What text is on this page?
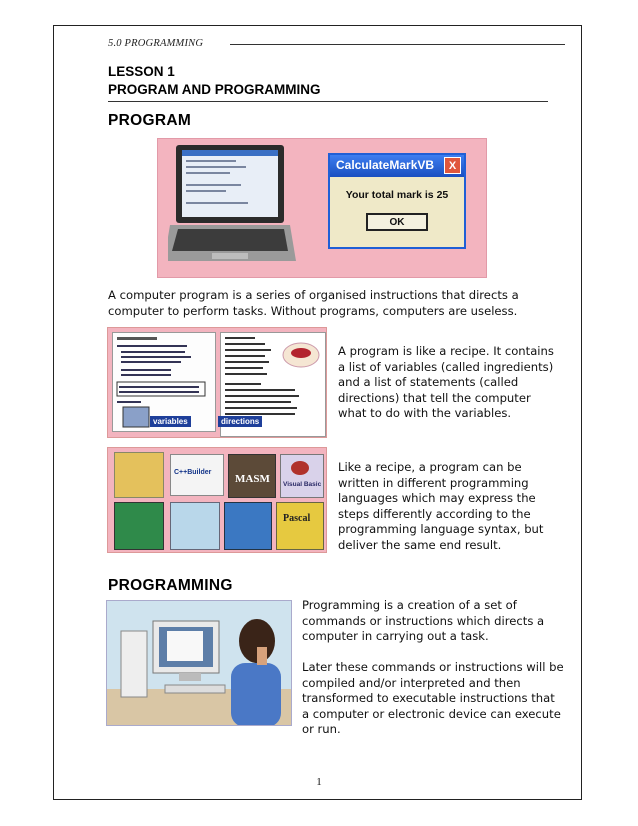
5.0 PROGRAMMING
LESSON 1
PROGRAM AND PROGRAMMING
PROGRAM
CalculateMarkVB	X
Your total mark is 25
OK
A computer program is a series of organised instructions that directs a computer to perform tasks. Without programs, computers are useless.
variables	directions
A program is like a recipe. It contains a list of variables (called ingredients) and a list of statements (called directions) that tell the computer what to do with the variables.
C++Builder
MASM Visual Basic
Pascal
Like a recipe, a program can be written in different programming languages which may express the steps differently according to the programming language syntax, but deliver the same end result.
PROGRAMMING
Programming is a creation of a set of commands or instructions which directs a computer in carrying out a task.
Later these commands or instructions will be compiled and/or interpreted and then transformed to executable instructions that a computer or electronic device can execute or run.
1
